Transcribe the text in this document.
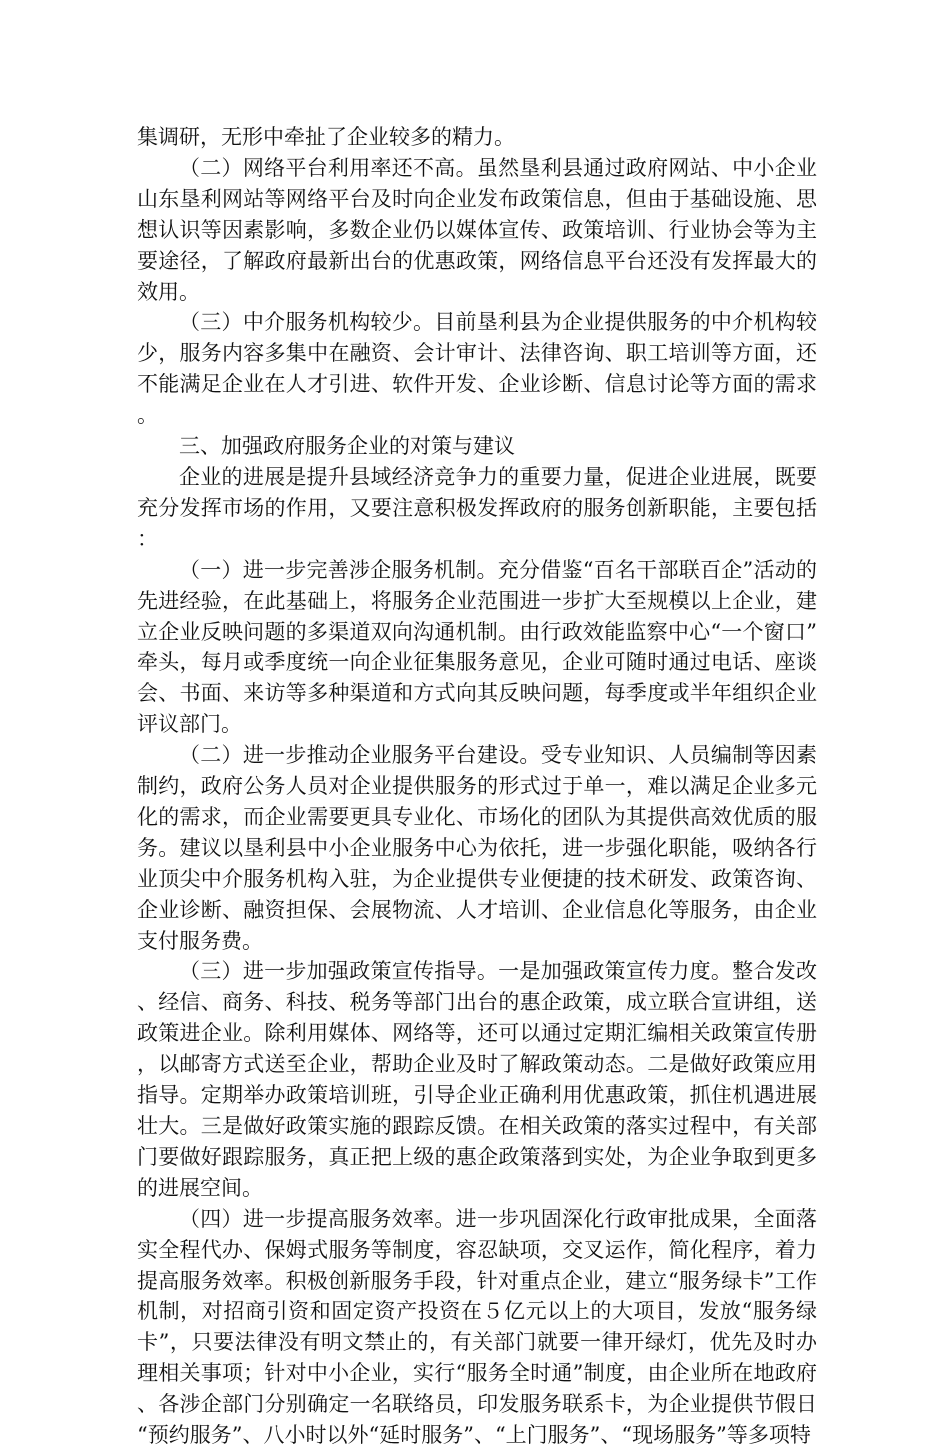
集调研，无形中牵扯了企业较多的精力。

（二）网络平台利用率还不高。虽然垦利县通过政府网站、中小企业山东垦利网站等网络平台及时向企业发布政策信息，但由于基础设施、思想认识等因素影响，多数企业仍以媒体宣传、政策培训、行业协会等为主要途径，了解政府最新出台的优惠政策，网络信息平台还没有发挥最大的效用。

（三）中介服务机构较少。目前垦利县为企业提供服务的中介机构较少，服务内容多集中在融资、会计审计、法律咨询、职工培训等方面，还不能满足企业在人才引进、软件开发、企业诊断、信息讨论等方面的需求。

三、加强政府服务企业的对策与建议

企业的进展是提升县域经济竞争力的重要力量，促进企业进展，既要充分发挥市场的作用，又要注意积极发挥政府的服务创新职能，主要包括：

（一）进一步完善涉企服务机制。充分借鉴“百名干部联百企”活动的先进经验，在此基础上，将服务企业范围进一步扩大至规模以上企业，建立企业反映问题的多渠道双向沟通机制。由行政效能监察中心“一个窗口”牵头，每月或季度统一向企业征集服务意见，企业可随时通过电话、座谈会、书面、来访等多种渠道和方式向其反映问题，每季度或半年组织企业评议部门。

（二）进一步推动企业服务平台建设。受专业知识、人员编制等因素制约，政府公务人员对企业提供服务的形式过于单一，难以满足企业多元化的需求，而企业需要更具专业化、市场化的团队为其提供高效优质的服务。建议以垦利县中小企业服务中心为依托，进一步强化职能，吸纳各行业顶尖中介服务机构入驻，为企业提供专业便捷的技术研发、政策咨询、企业诊断、融资担保、会展物流、人才培训、企业信息化等服务，由企业支付服务费。

（三）进一步加强政策宣传指导。一是加强政策宣传力度。整合发改、经信、商务、科技、税务等部门出台的惠企政策，成立联合宣讲组，送政策进企业。除利用媒体、网络等，还可以通过定期汇编相关政策宣传册，以邮寄方式送至企业，帮助企业及时了解政策动态。二是做好政策应用指导。定期举办政策培训班，引导企业正确利用优惠政策，抓住机遇进展壮大。三是做好政策实施的跟踪反馈。在相关政策的落实过程中，有关部门要做好跟踪服务，真正把上级的惠企政策落到实处，为企业争取到更多的进展空间。

（四）进一步提高服务效率。进一步巩固深化行政审批成果，全面落实全程代办、保姆式服务等制度，容忍缺项，交叉运作，简化程序，着力提高服务效率。积极创新服务手段，针对重点企业，建立“服务绿卡”工作机制，对招商引资和固定资产投资在５亿元以上的大项目，发放“服务绿卡”，只要法律没有明文禁止的，有关部门就要一律开绿灯，优先及时办理相关事项；针对中小企业，实行“服务全时通”制度，由企业所在地政府、各涉企部门分别确定一名联络员，印发服务联系卡，为企业提供节假日“预约服务”、八小时以外“延时服务”、“上门服务”、“现场服务”等多项特
